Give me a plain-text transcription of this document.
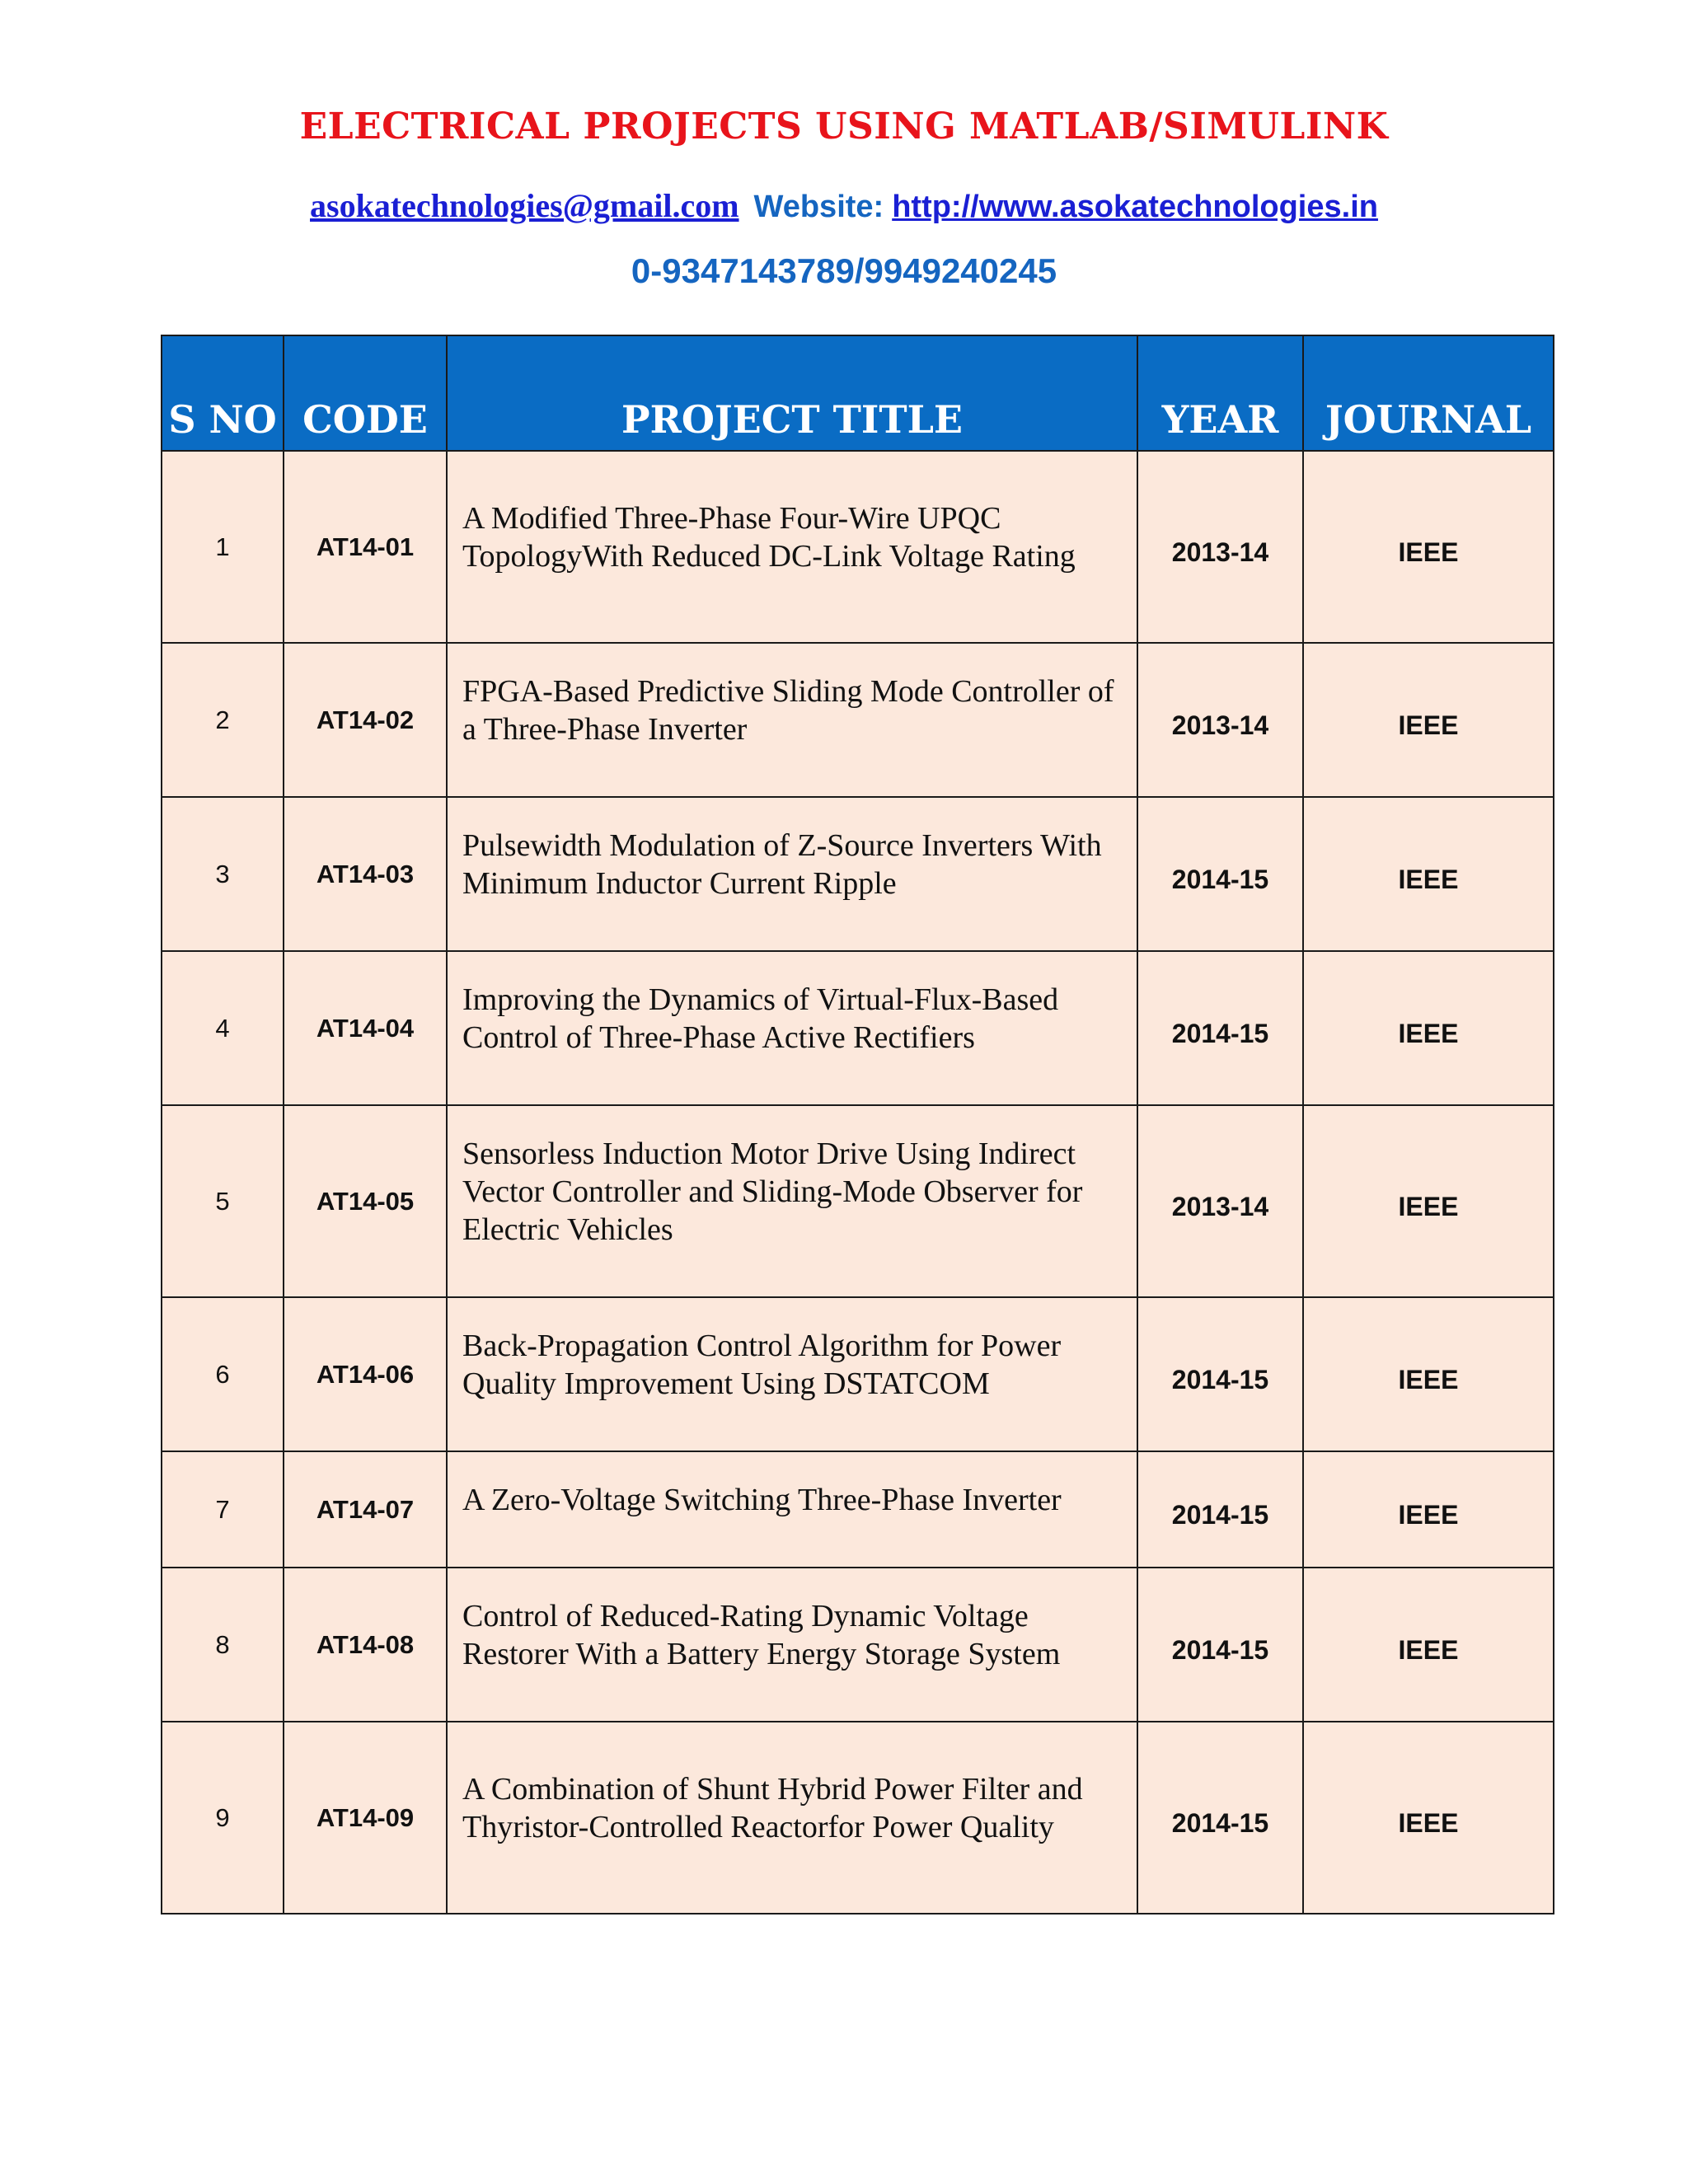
ELECTRICAL PROJECTS USING MATLAB/SIMULINK
asokatechnologies@gmail.com Website: http://www.asokatechnologies.in
0-9347143789/9949240245
S NO	CODE	PROJECT TITLE	YEAR	JOURNAL
1	AT14-01	A Modified Three-Phase Four-Wire UPQC TopologyWith Reduced DC-Link Voltage Rating	2013-14	IEEE
2	AT14-02	FPGA-Based Predictive Sliding Mode Controller of a Three-Phase Inverter	2013-14	IEEE
3	AT14-03	Pulsewidth Modulation of Z-Source Inverters With Minimum Inductor Current Ripple	2014-15	IEEE
4	AT14-04	Improving the Dynamics of Virtual-Flux-Based Control of Three-Phase Active Rectifiers	2014-15	IEEE
5	AT14-05	Sensorless Induction Motor Drive Using Indirect Vector Controller and Sliding-Mode Observer for Electric Vehicles	2013-14	IEEE
6	AT14-06	Back-Propagation Control Algorithm for Power Quality Improvement Using DSTATCOM	2014-15	IEEE
7	AT14-07	A Zero-Voltage Switching Three-Phase Inverter	2014-15	IEEE
8	AT14-08	Control of Reduced-Rating Dynamic Voltage Restorer With a Battery Energy Storage System	2014-15	IEEE
9	AT14-09	A Combination of Shunt Hybrid Power Filter and Thyristor-Controlled Reactorfor Power Quality	2014-15	IEEE
